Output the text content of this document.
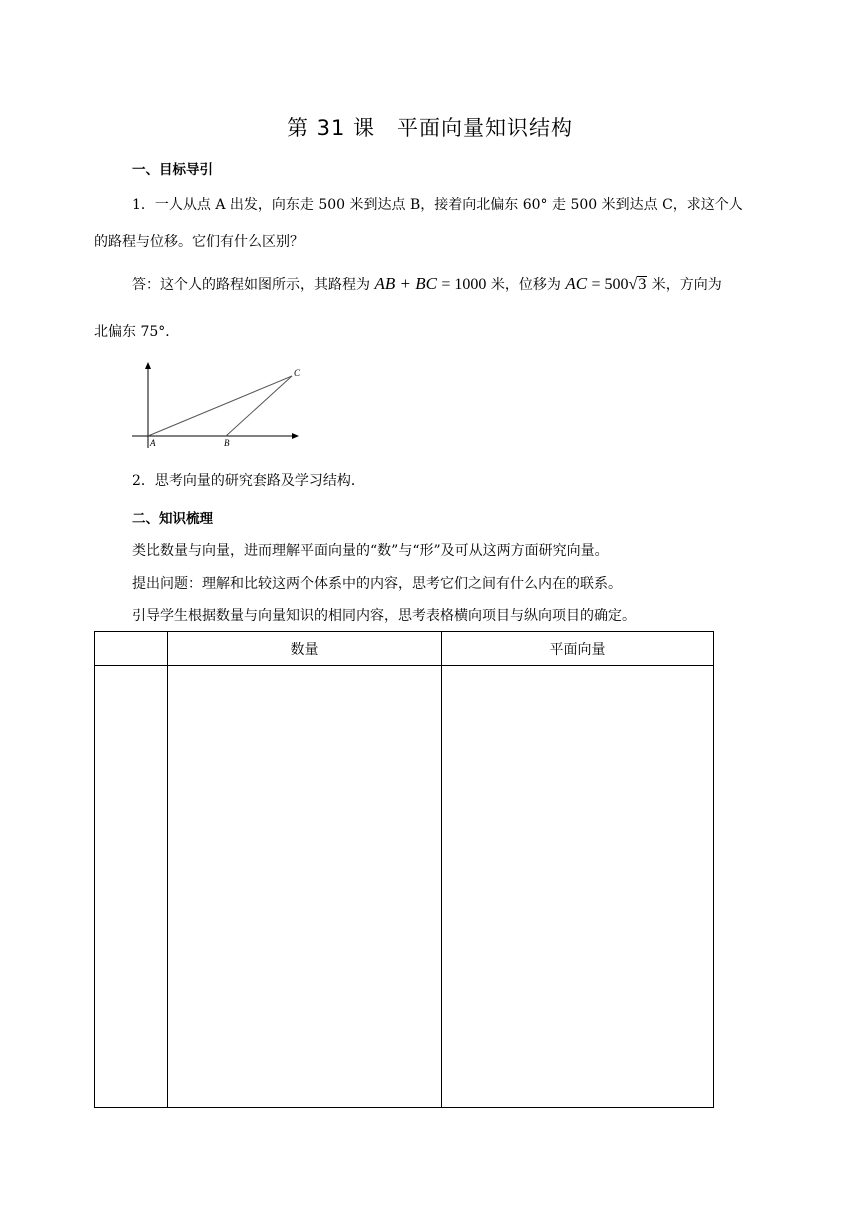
第 31 课　平面向量知识结构
一、目标导引
1．一人从点 A 出发，向东走 500 米到达点 B，接着向北偏东 60° 走 500 米到达点 C，求这个人
的路程与位移。它们有什么区别？
答：这个人的路程如图所示，其路程为 AB + BC = 1000 米，位移为 AC = 500√3 米，方向为
北偏东 75°．
A	B
C
2．思考向量的研究套路及学习结构．
二、知识梳理
类比数量与向量，进而理解平面向量的“数”与“形”及可从这两方面研究向量。
提出问题：理解和比较这两个体系中的内容，思考它们之间有什么内在的联系。
引导学生根据数量与向量知识的相同内容，思考表格横向项目与纵向项目的确定。
	数量	平面向量
